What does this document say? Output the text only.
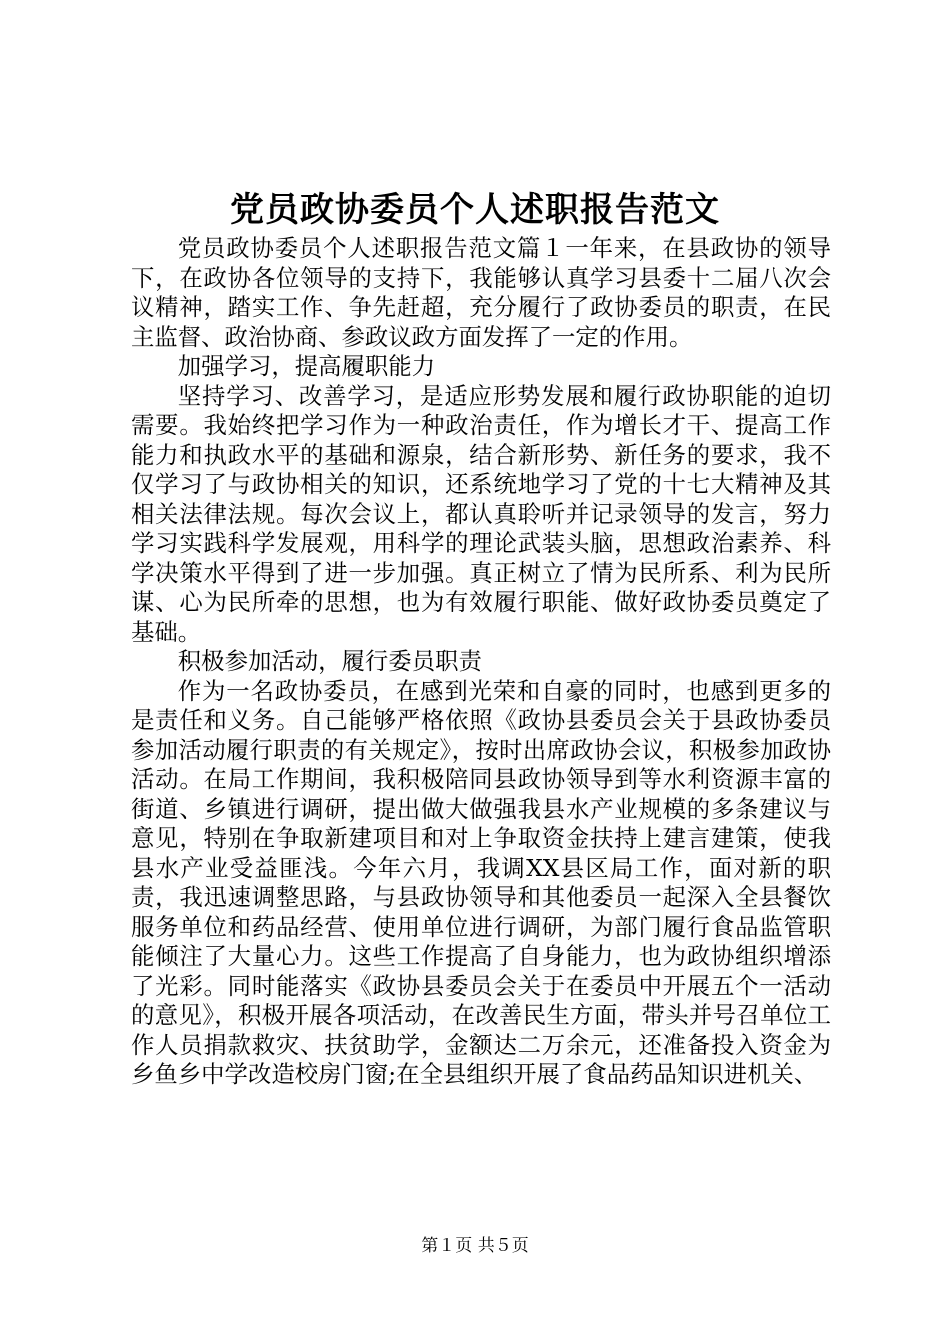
党员政协委员个人述职报告范文

党员政协委员个人述职报告范文篇１一年来，在县政协的领导下，在政协各位领导的支持下，我能够认真学习县委十二届八次会议精神，踏实工作、争先赶超，充分履行了政协委员的职责，在民主监督、政治协商、参政议政方面发挥了一定的作用。

加强学习，提高履职能力

坚持学习、改善学习，是适应形势发展和履行政协职能的迫切需要。我始终把学习作为一种政治责任，作为增长才干、提高工作能力和执政水平的基础和源泉，结合新形势、新任务的要求，我不仅学习了与政协相关的知识，还系统地学习了党的十七大精神及其相关法律法规。每次会议上，都认真聆听并记录领导的发言，努力学习实践科学发展观，用科学的理论武装头脑，思想政治素养、科学决策水平得到了进一步加强。真正树立了情为民所系、利为民所谋、心为民所牵的思想，也为有效履行职能、做好政协委员奠定了基础。

积极参加活动，履行委员职责

作为一名政协委员，在感到光荣和自豪的同时，也感到更多的是责任和义务。自己能够严格依照《政协县委员会关于县政协委员参加活动履行职责的有关规定》，按时出席政协会议，积极参加政协活动。在局工作期间，我积极陪同县政协领导到等水利资源丰富的街道、乡镇进行调研，提出做大做强我县水产业规模的多条建议与意见，特别在争取新建项目和对上争取资金扶持上建言建策，使我县水产业受益匪浅。今年六月，我调XX县区局工作，面对新的职责，我迅速调整思路，与县政协领导和其他委员一起深入全县餐饮服务单位和药品经营、使用单位进行调研，为部门履行食品监管职能倾注了大量心力。这些工作提高了自身能力，也为政协组织增添了光彩。同时能落实《政协县委员会关于在委员中开展五个一活动的意见》，积极开展各项活动，在改善民生方面，带头并号召单位工作人员捐款救灾、扶贫助学，金额达二万余元，还准备投入资金为乡鱼乡中学改造校房门窗;在全县组织开展了食品药品知识进机关、

第１页 共５页
